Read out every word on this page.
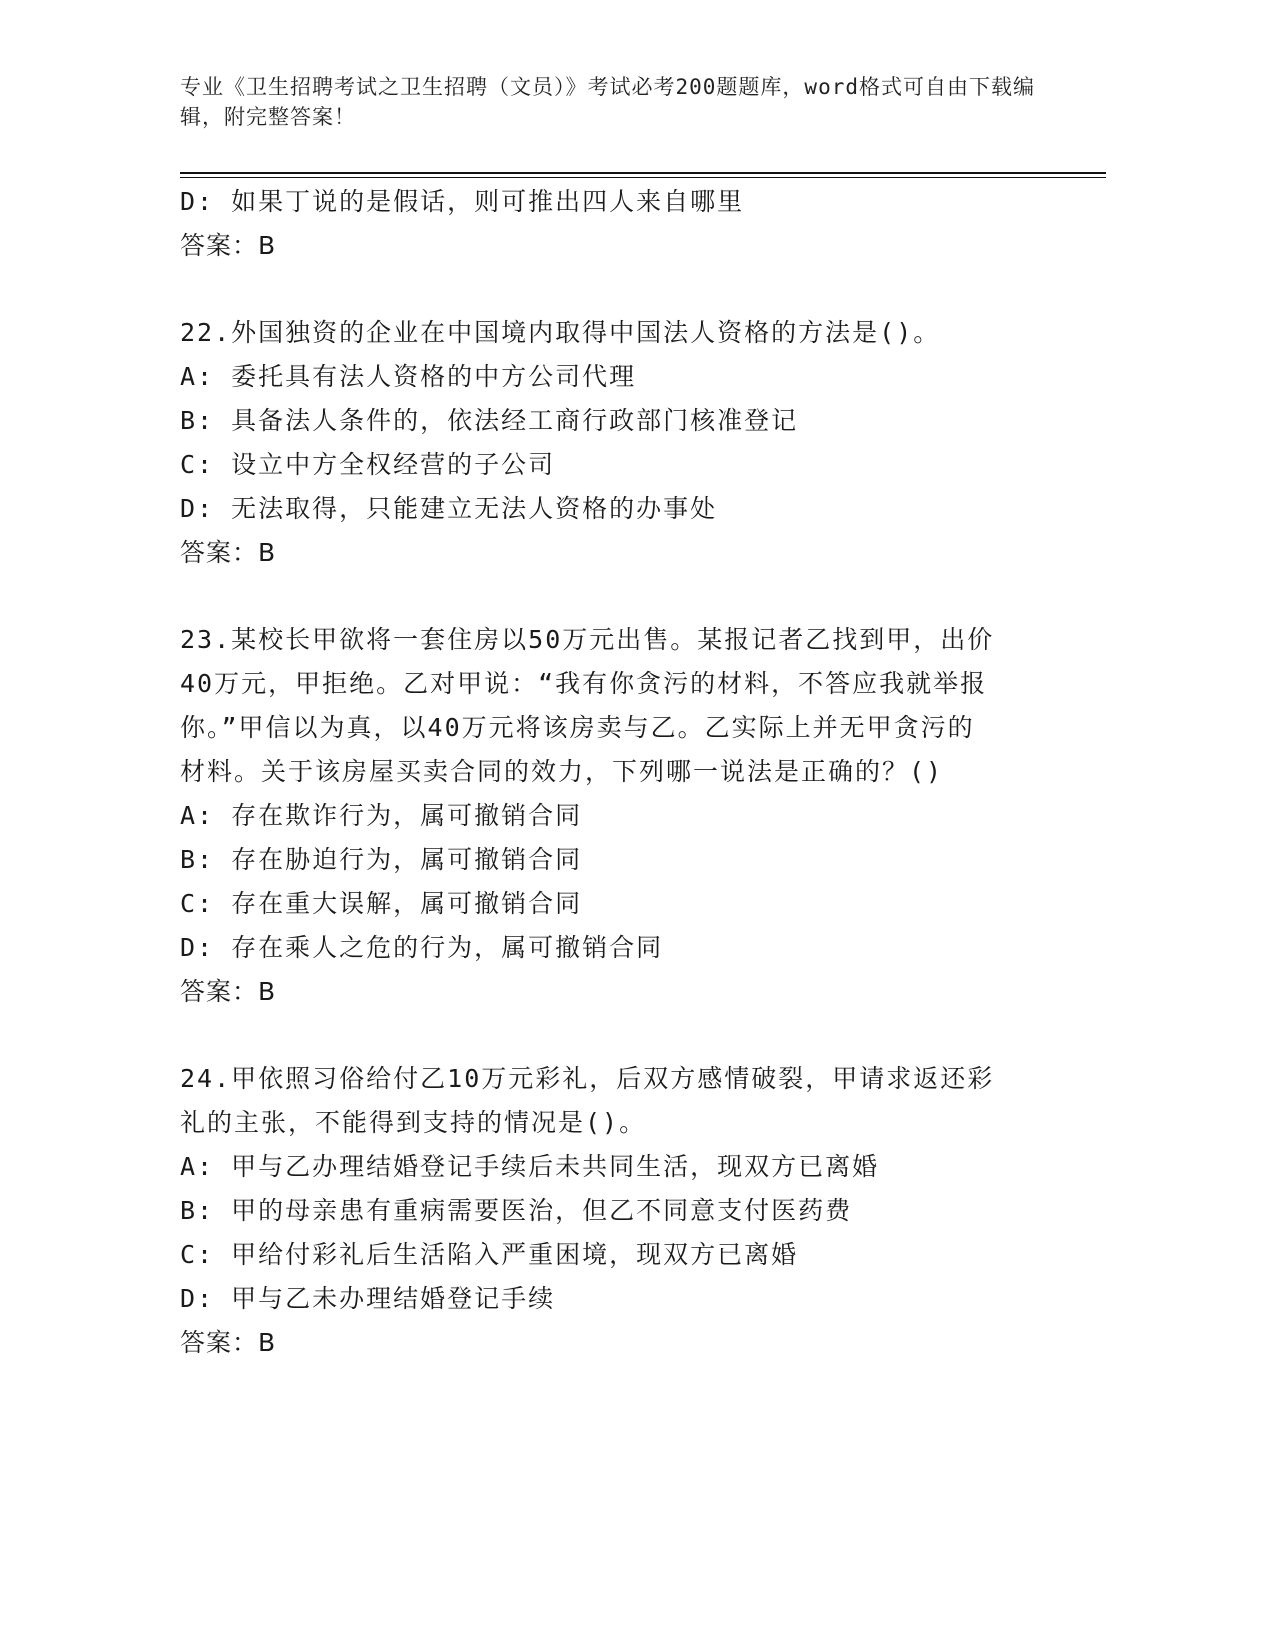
专业《卫生招聘考试之卫生招聘（文员）》考试必考200题题库，word格式可自由下载编辑，附完整答案！
D: 如果丁说的是假话，则可推出四人来自哪里
答案：B
22.外国独资的企业在中国境内取得中国法人资格的方法是()。
A: 委托具有法人资格的中方公司代理
B: 具备法人条件的，依法经工商行政部门核准登记
C: 设立中方全权经营的子公司
D: 无法取得，只能建立无法人资格的办事处
答案：B
23.某校长甲欲将一套住房以50万元出售。某报记者乙找到甲，出价
40万元，甲拒绝。乙对甲说：“我有你贪污的材料，不答应我就举报
你。”甲信以为真，以40万元将该房卖与乙。乙实际上并无甲贪污的
材料。关于该房屋买卖合同的效力，下列哪一说法是正确的？()
A: 存在欺诈行为，属可撤销合同
B: 存在胁迫行为，属可撤销合同
C: 存在重大误解，属可撤销合同
D: 存在乘人之危的行为，属可撤销合同
答案：B
24.甲依照习俗给付乙10万元彩礼，后双方感情破裂，甲请求返还彩
礼的主张，不能得到支持的情况是()。
A: 甲与乙办理结婚登记手续后未共同生活，现双方已离婚
B: 甲的母亲患有重病需要医治，但乙不同意支付医药费
C: 甲给付彩礼后生活陷入严重困境，现双方已离婚
D: 甲与乙未办理结婚登记手续
答案：B
